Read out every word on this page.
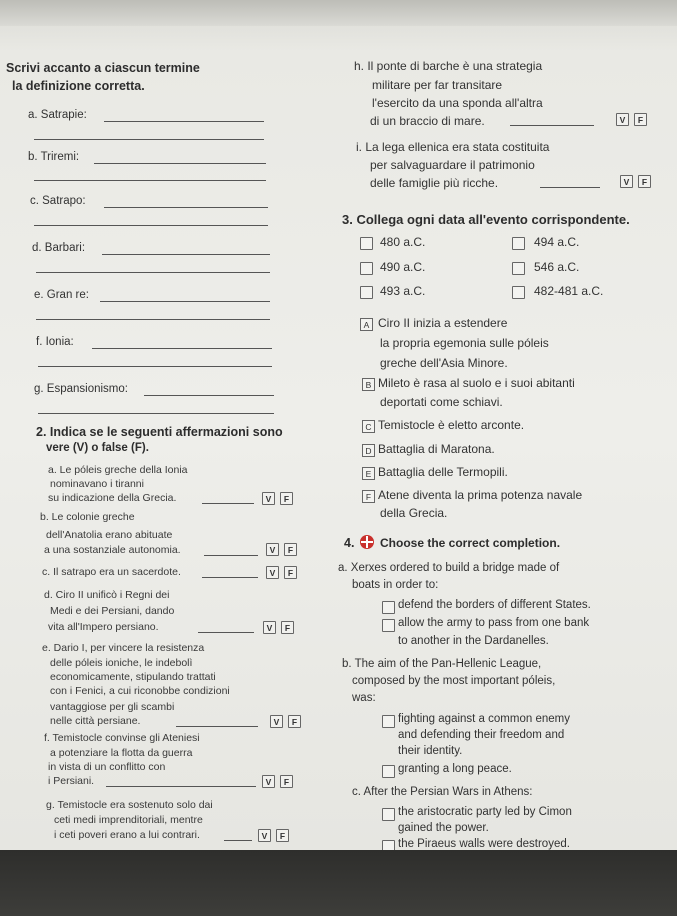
Scrivi accanto a ciascun termine
la definizione corretta.
a. Satrapie:
b. Triremi:
c. Satrapo:
d. Barbari:
e. Gran re:
f. Ionia:
g. Espansionismo:
2. Indica se le seguenti affermazioni sono
vere (V) o false (F).
a. Le póleis greche della Ionia
nominavano i tiranni
su indicazione della Grecia.	V	F
b. Le colonie greche
dell'Anatolia erano abituate
a una sostanziale autonomia.	V	F
c. Il satrapo era un sacerdote.	V	F
d. Ciro II unificò i Regni dei
Medi e dei Persiani, dando
vita all'Impero persiano.	V	F
e. Dario I, per vincere la resistenza
delle póleis ioniche, le indebolì
economicamente, stipulando trattati
con i Fenici, a cui riconobbe condizioni
vantaggiose per gli scambi
nelle città persiane.	V	F
f. Temistocle convinse gli Ateniesi
a potenziare la flotta da guerra
in vista di un conflitto con
i Persiani.	V	F
g. Temistocle era sostenuto solo dai
ceti medi imprenditoriali, mentre
i ceti poveri erano a lui contrari.	V	F
h. Il ponte di barche è una strategia
militare per far transitare
l'esercito da una sponda all'altra
di un braccio di mare.	V	F
i. La lega ellenica era stata costituita
per salvaguardare il patrimonio
delle famiglie più ricche.	V	F
3. Collega ogni data all'evento corrispondente.
480 a.C.	494 a.C.
490 a.C.	546 a.C.
493 a.C.	482-481 a.C.
A Ciro II inizia a estendere
la propria egemonia sulle póleis
greche dell'Asia Minore.
B Mileto è rasa al suolo e i suoi abitanti
deportati come schiavi.
C Temistocle è eletto arconte.
D Battaglia di Maratona.
E Battaglia delle Termopili.
F Atene diventa la prima potenza navale
della Grecia.
4. Choose the correct completion.
a. Xerxes ordered to build a bridge made of
boats in order to:
defend the borders of different States.
allow the army to pass from one bank
to another in the Dardanelles.
b. The aim of the Pan-Hellenic League,
composed by the most important póleis,
was:
fighting against a common enemy
and defending their freedom and
their identity.
granting a long peace.
c. After the Persian Wars in Athens:
the aristocratic party led by Cimon
gained the power.
the Piraeus walls were destroyed.
